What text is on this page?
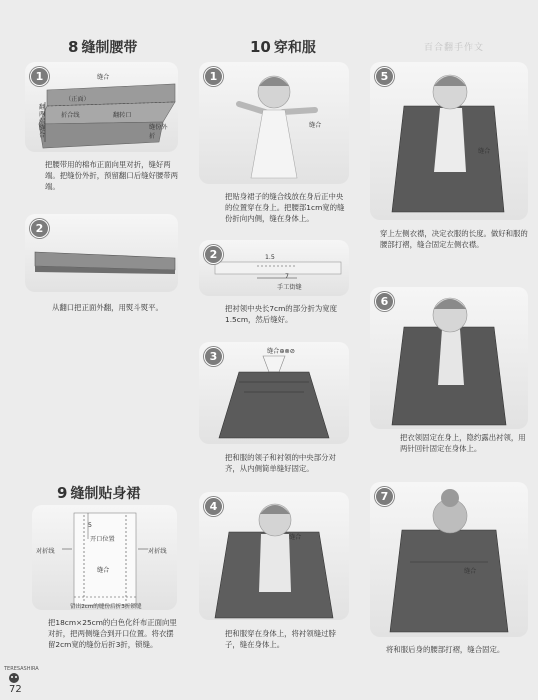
百合翻手作文
8 缝制腰带
1	缝合
（正面）
折合线	翻转口
缝份外折
翻两端缝合
把腰带用的棉布正面向里对折，缝好两端。把缝份外折，预留翻口后缝好腰带两端。
2
从翻口把正面外翻，用熨斗熨平。
9 缝制贴身裙
5
开口位置
对折线	对折线
缝合
留出2cm的缝份后折3折锁缝
把18cm×25cm的白色化纤布正面向里对折，把两侧缝合到开口位置。将衣摆留2cm宽的缝份后折3折，锁缝。
10 穿和服
1
缝合
把贴身裙子的缝合线放在身后正中央的位置穿在身上。把腰部1cm宽的缝份折向内侧，缝在身体上。
2	1.5
7
手工街缝
把衬领中央长7cm的部分折为宽度1.5cm，然后缝好。
3	缝合⊕⊗⊘
把和服的领子和衬领的中央部分对齐，从内侧简单缝好固定。
4
缝合
把和服穿在身体上，将衬领缝过脖子，缝在身体上。
5
缝合
穿上左侧衣襟，决定衣服的长度。做好和服的腰部打褶，缝合固定左侧衣襟。
6
把衣领固定在身上，隐约露出衬领，用两针回针固定在身体上。
7
缝合
将和服后身的腰部打褶，缝合固定。
TERESASHIRA
72
